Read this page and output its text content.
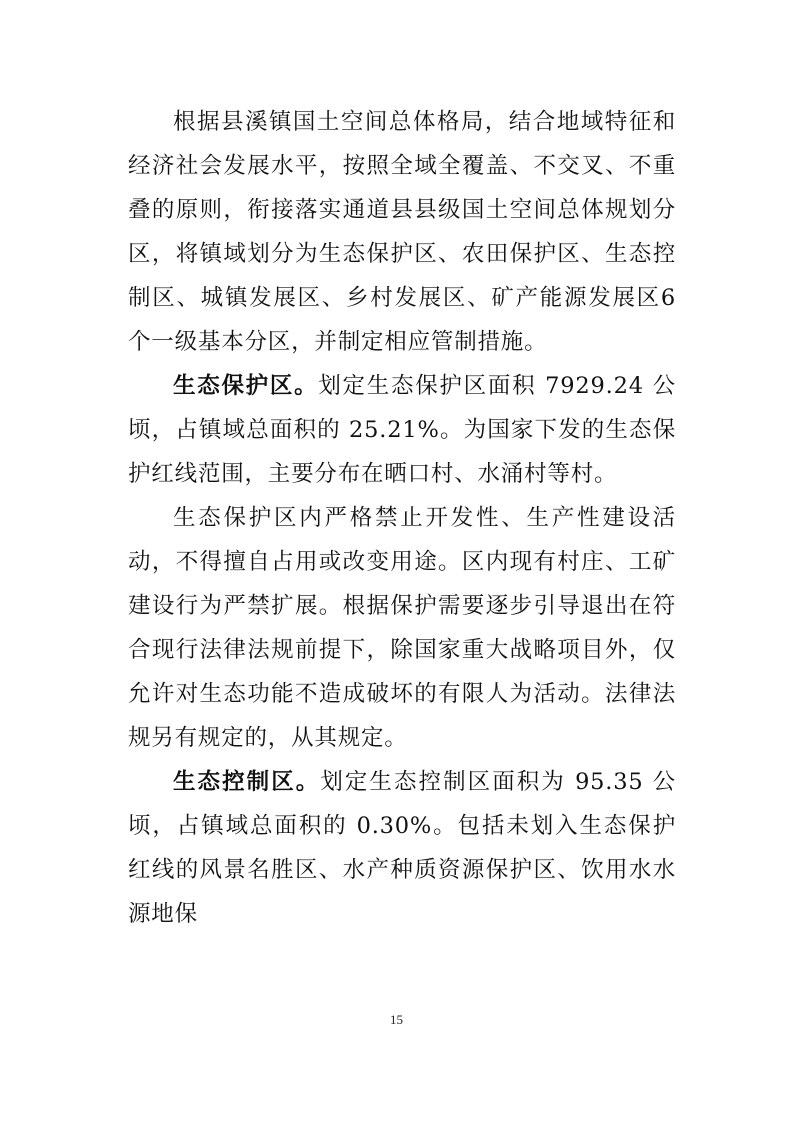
根据县溪镇国土空间总体格局，结合地域特征和经济社会发展水平，按照全域全覆盖、不交叉、不重叠的原则，衔接落实通道县县级国土空间总体规划分区，将镇域划分为生态保护区、农田保护区、生态控制区、城镇发展区、乡村发展区、矿产能源发展区6个一级基本分区，并制定相应管制措施。

生态保护区。划定生态保护区面积 7929.24 公顷，占镇域总面积的 25.21%。为国家下发的生态保护红线范围，主要分布在晒口村、水涌村等村。

生态保护区内严格禁止开发性、生产性建设活动，不得擅自占用或改变用途。区内现有村庄、工矿建设行为严禁扩展。根据保护需要逐步引导退出在符合现行法律法规前提下，除国家重大战略项目外，仅允许对生态功能不造成破坏的有限人为活动。法律法规另有规定的，从其规定。

生态控制区。划定生态控制区面积为 95.35 公顷，占镇域总面积的 0.30%。包括未划入生态保护红线的风景名胜区、水产种质资源保护区、饮用水水源地保

15
